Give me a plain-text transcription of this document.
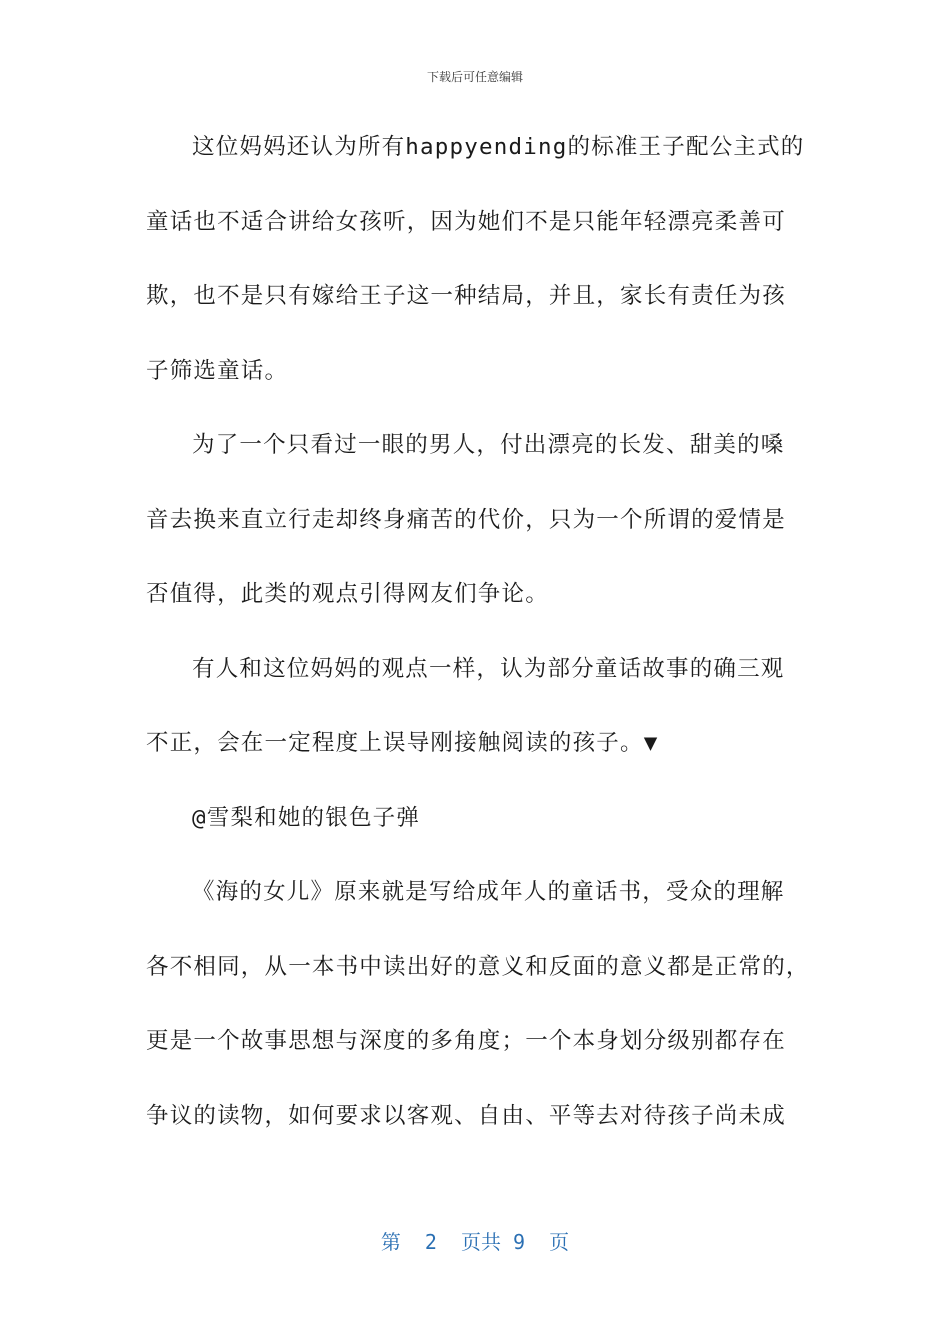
下载后可任意编辑
这位妈妈还认为所有happyending的标准王子配公主式的
童话也不适合讲给女孩听，因为她们不是只能年轻漂亮柔善可
欺，也不是只有嫁给王子这一种结局，并且，家长有责任为孩
子筛选童话。
为了一个只看过一眼的男人，付出漂亮的长发、甜美的嗓
音去换来直立行走却终身痛苦的代价，只为一个所谓的爱情是
否值得，此类的观点引得网友们争论。
有人和这位妈妈的观点一样，认为部分童话故事的确三观
不正，会在一定程度上误导刚接触阅读的孩子。▼
@雪梨和她的银色子弹
《海的女儿》原来就是写给成年人的童话书，受众的理解
各不相同，从一本书中读出好的意义和反面的意义都是正常的，
更是一个故事思想与深度的多角度；一个本身划分级别都存在
争议的读物，如何要求以客观、自由、平等去对待孩子尚未成
第  2  页共 9  页
